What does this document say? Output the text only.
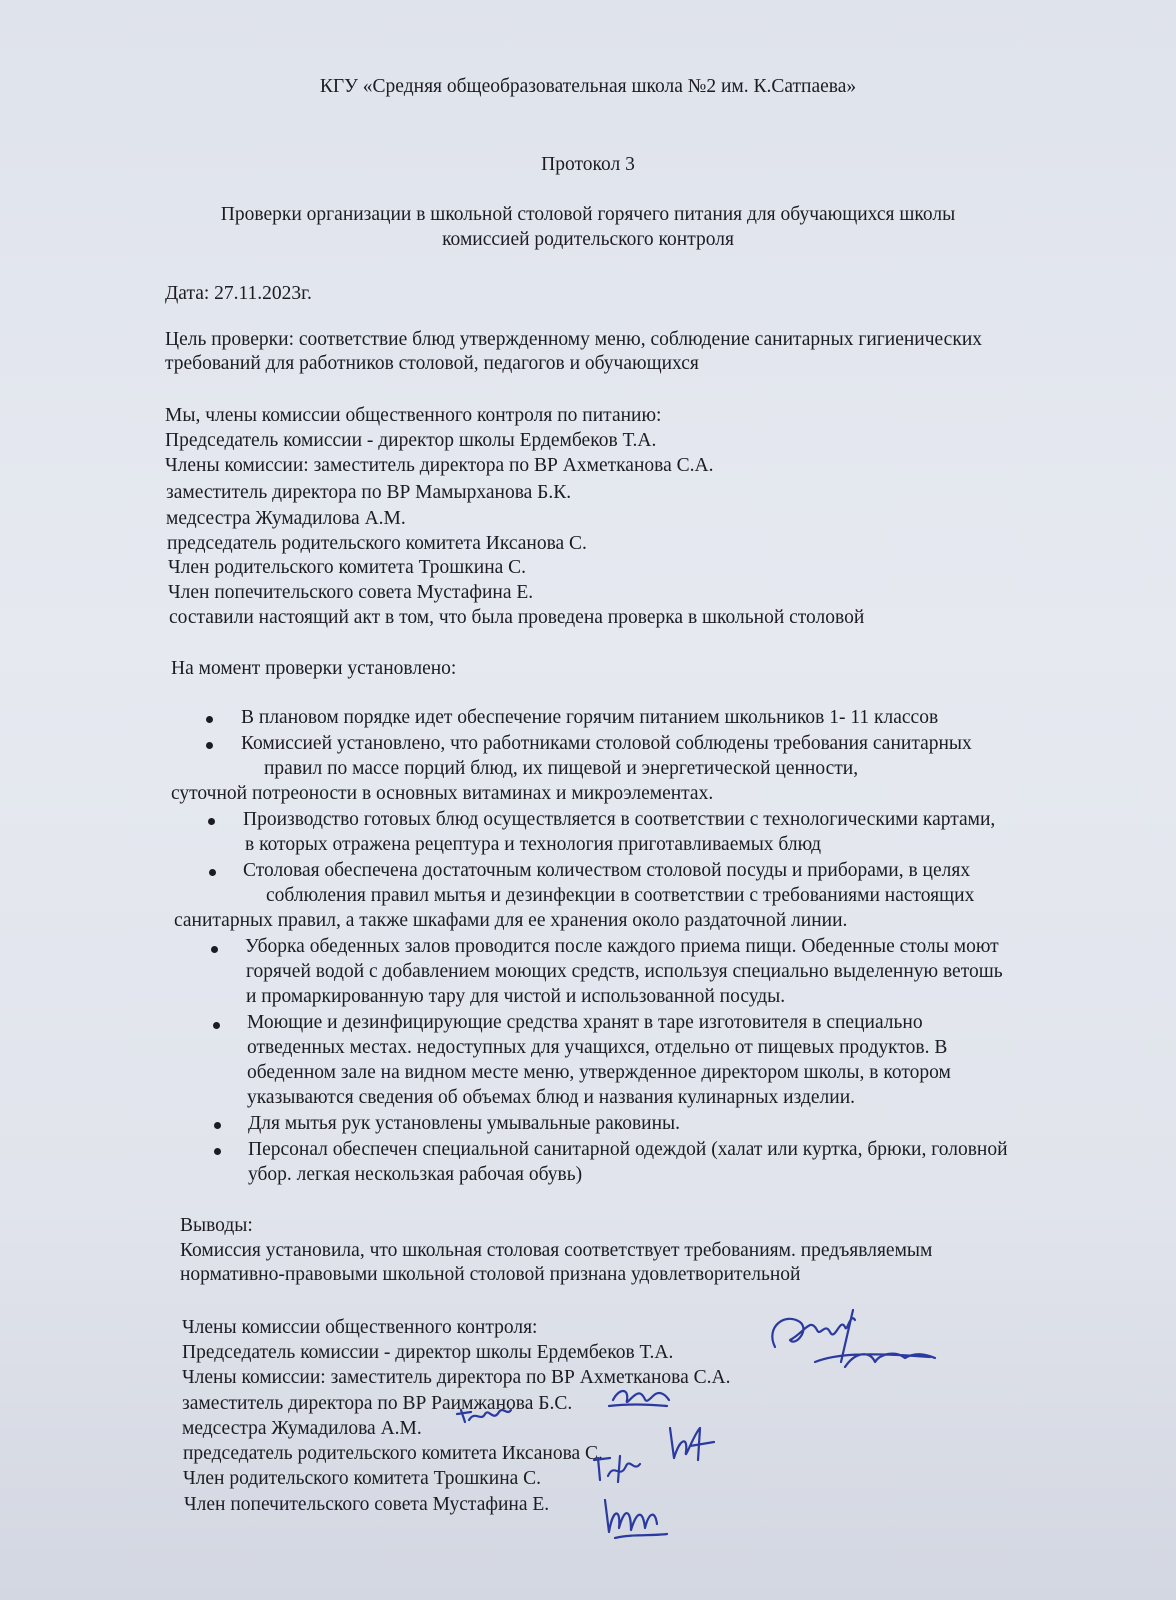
КГУ «Средняя общеобразовательная школа №2 им. К.Сатпаева»
Протокол 3
Проверки организации в школьной столовой горячего питания для обучающихся школы
комиссией родительского контроля
Дата: 27.11.2023г.
Цель проверки: соответствие блюд утвержденному меню, соблюдение санитарных гигиенических
требований для работников столовой, педагогов и обучающихся
Мы, члены комиссии общественного контроля по питанию:
Председатель комиссии - директор школы Ердембеков Т.А.
Члены комиссии: заместитель директора по ВР Ахметканова С.А.
заместитель директора по ВР Мамырханова Б.К.
медсестра Жумадилова А.М.
председатель родительского комитета Иксанова С.
Член родительского комитета Трошкина С.
Член попечительского совета Мустафина Е.
составили настоящий акт в том, что была проведена проверка в школьной столовой
На момент проверки установлено:
В плановом порядке идет обеспечение горячим питанием школьников 1- 11 классов
Комиссией установлено, что работниками столовой соблюдены требования санитарных
правил по массе порций блюд, их пищевой и энергетической ценности,
суточной потреоности в основных витаминах и микроэлементах.
Производство готовых блюд осуществляется в соответствии с технологическими картами,
в которых отражена рецептура и технология приготавливаемых блюд
Столовая обеспечена достаточным количеством столовой посуды и приборами, в целях
соблюления правил мытья и дезинфекции в соответствии с требованиями настоящих
санитарных правил, а также шкафами для ее хранения около раздаточной линии.
Уборка обеденных залов проводится после каждого приема пищи. Обеденные столы моют
горячей водой с добавлением моющих средств, используя специально выделенную ветошь
и промаркированную тару для чистой и использованной посуды.
Моющие и дезинфицирующие средства хранят в таре изготовителя в специально
отведенных местах. недоступных для учащихся, отдельно от пищевых продуктов. В
обеденном зале на видном месте меню, утвержденное директором школы, в котором
указываются сведения об объемах блюд и названия кулинарных изделии.
Для мытья рук установлены умывальные раковины.
Персонал обеспечен специальной санитарной одеждой (халат или куртка, брюки, головной
убор. легкая нескользкая рабочая обувь)
Выводы:
Комиссия установила, что школьная столовая соответствует требованиям. предъявляемым
нормативно-правовыми школьной столовой признана удовлетворительной
Члены комиссии общественного контроля:
Председатель комиссии - директор школы Ердембеков Т.А.
Члены комиссии: заместитель директора по ВР Ахметканова С.А.
заместитель директора по ВР Раимжанова Б.С.
медсестра Жумадилова А.М.
председатель родительского комитета Иксанова С.
Член родительского комитета Трошкина С.
Член попечительского совета Мустафина Е.
